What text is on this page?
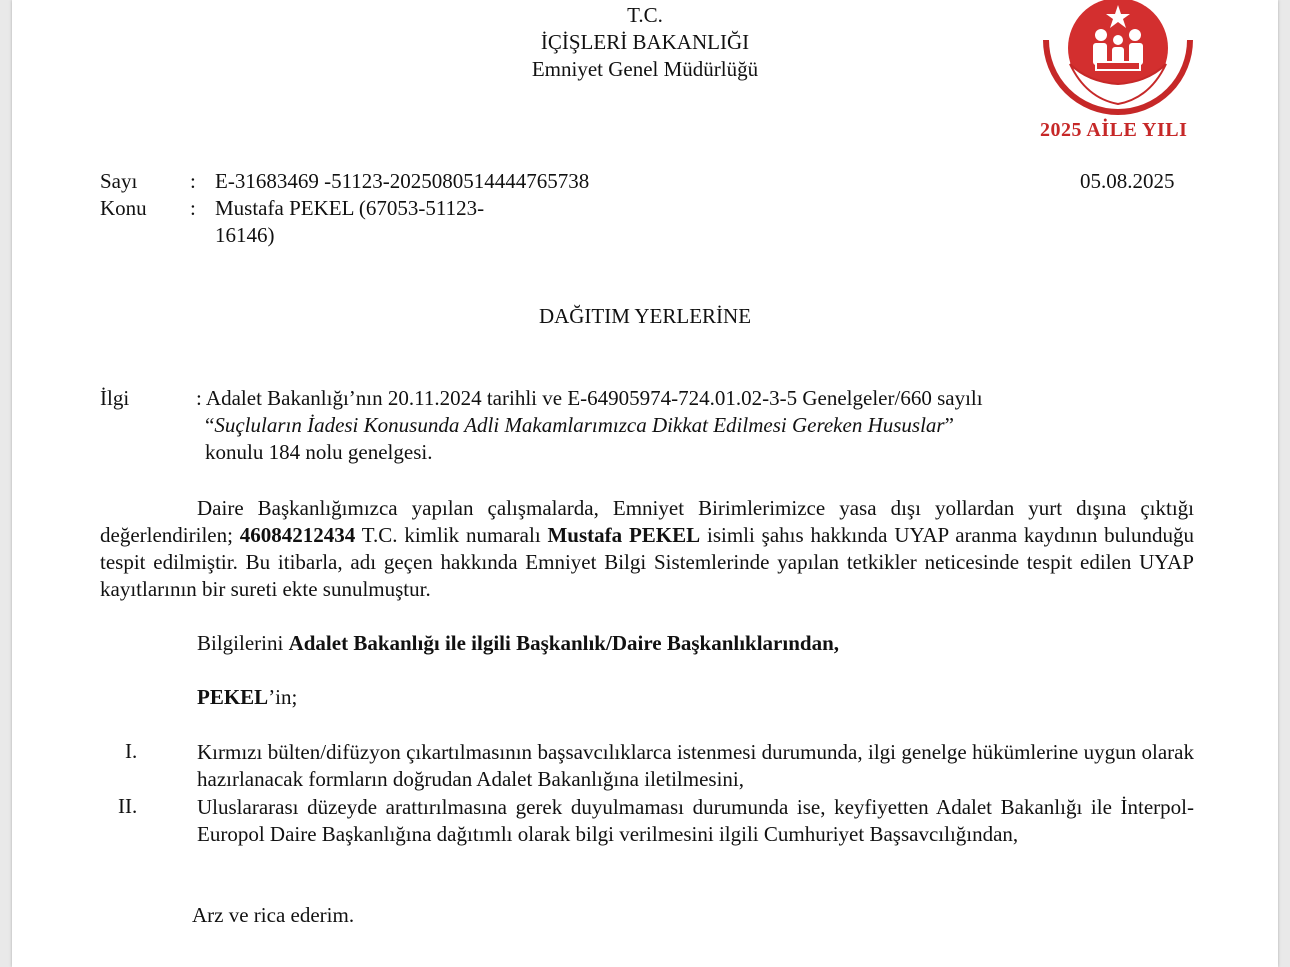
T.C.
İÇİŞLERİ BAKANLIĞI
Emniyet Genel Müdürlüğü
2025 AİLE YILI
Sayı	: E-31683469 -51123-2025080514444765738	05.08.2025
Konu : Mustafa PEKEL (67053-51123-
16146)
DAĞITIM YERLERİNE
İlgi	: Adalet Bakanlığı’nın 20.11.2024 tarihli ve E-64905974-724.01.02-3-5 Genelgeler/660 sayılı
“Suçluların İadesi Konusunda Adli Makamlarımızca Dikkat Edilmesi Gereken Hususlar”
konulu 184 nolu genelgesi.
Daire Başkanlığımızca yapılan çalışmalarda, Emniyet Birimlerimizce yasa dışı yollardan yurt dışına çıktığı değerlendirilen; 46084212434 T.C. kimlik numaralı Mustafa PEKEL isimli şahıs hakkında UYAP aranma kaydının bulunduğu tespit edilmiştir. Bu itibarla, adı geçen hakkında Emniyet Bilgi Sistemlerinde yapılan tetkikler neticesinde tespit edilen UYAP kayıtlarının bir sureti ekte sunulmuştur.
Bilgilerini Adalet Bakanlığı ile ilgili Başkanlık/Daire Başkanlıklarından,
PEKEL’in;
I.	Kırmızı bülten/difüzyon çıkartılmasının başsavcılıklarca istenmesi durumunda, ilgi genelge hükümlerine uygun olarak hazırlanacak formların doğrudan Adalet Bakanlığına iletilmesini,
II.	Uluslararası düzeyde arattırılmasına gerek duyulmaması durumunda ise, keyfiyetten Adalet Bakanlığı ile İnterpol-Europol Daire Başkanlığına dağıtımlı olarak bilgi verilmesini ilgili Cumhuriyet Başsavcılığından,
Arz ve rica ederim.
